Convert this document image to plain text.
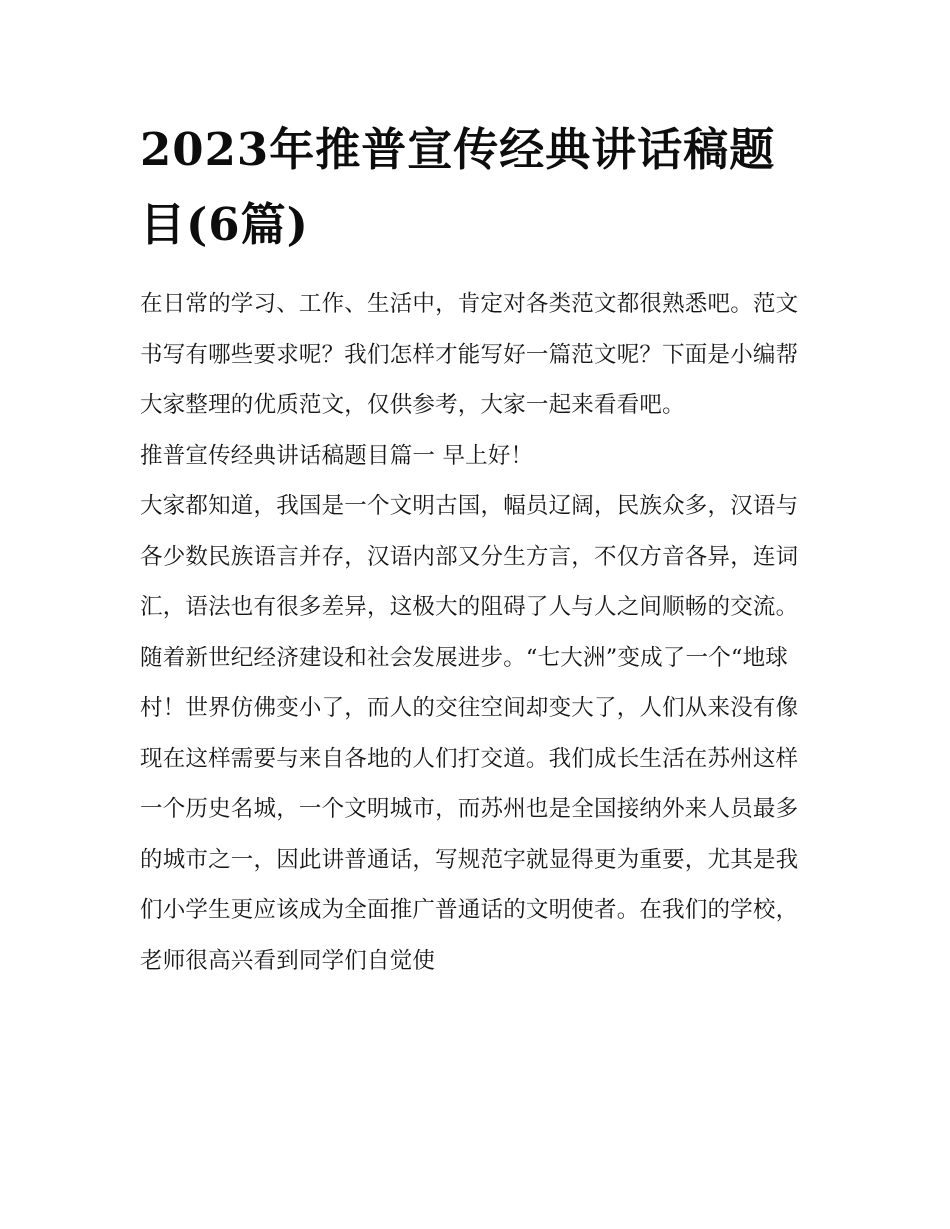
2023年推普宣传经典讲话稿题目(6篇)

在日常的学习、工作、生活中，肯定对各类范文都很熟悉吧。范文书写有哪些要求呢？我们怎样才能写好一篇范文呢？下面是小编帮大家整理的优质范文，仅供参考，大家一起来看看吧。

推普宣传经典讲话稿题目篇一 早上好！

大家都知道，我国是一个文明古国，幅员辽阔，民族众多，汉语与各少数民族语言并存，汉语内部又分生方言，不仅方音各异，连词汇，语法也有很多差异，这极大的阻碍了人与人之间顺畅的交流。

随着新世纪经济建设和社会发展进步。“七大洲”变成了一个“地球村！世界仿佛变小了，而人的交往空间却变大了，人们从来没有像现在这样需要与来自各地的人们打交道。我们成长生活在苏州这样一个历史名城，一个文明城市，而苏州也是全国接纳外来人员最多的城市之一，因此讲普通话，写规范字就显得更为重要，尤其是我们小学生更应该成为全面推广普通话的文明使者。在我们的学校，老师很高兴看到同学们自觉使
